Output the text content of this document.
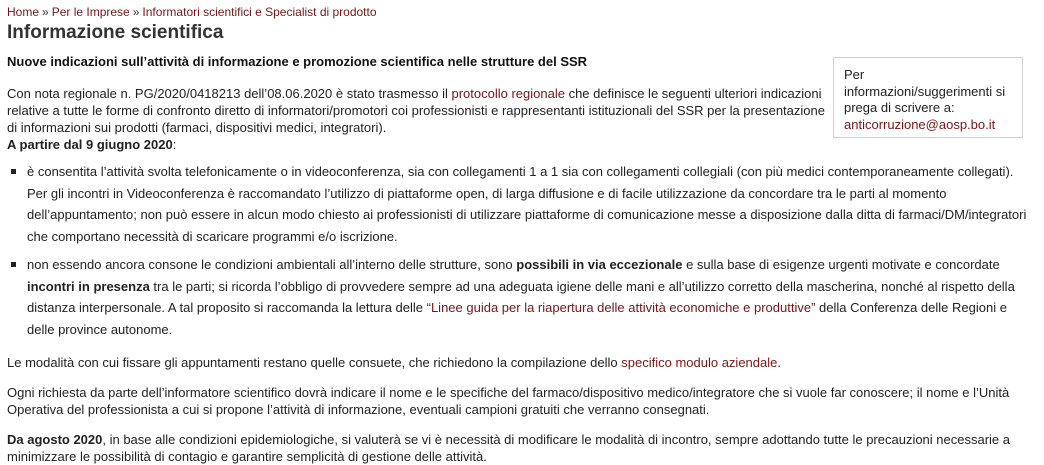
Home » Per le Imprese » Informatori scientifici e Specialist di prodotto
Informazione scientifica
Nuove indicazioni sull’attività di informazione e promozione scientifica nelle strutture del SSR
Per informazioni/suggerimenti si prega di scrivere a:
anticorruzione@aosp.bo.it

Con nota regionale n. PG/2020/0418213 dell’08.06.2020 è stato trasmesso il protocollo regionale che definisce le seguenti ulteriori indicazioni relative a tutte le forme di confronto diretto di informatori/promotori coi professionisti e rappresentanti istituzionali del SSR per la presentazione di informazioni sui prodotti (farmaci, dispositivi medici, integratori).
A partire dal 9 giugno 2020:

è consentita l’attività svolta telefonicamente o in videoconferenza, sia con collegamenti 1 a 1 sia con collegamenti collegiali (con più medici contemporaneamente collegati). Per gli incontri in Videoconferenza è raccomandato l’utilizzo di piattaforme open, di larga diffusione e di facile utilizzazione da concordare tra le parti al momento dell’appuntamento; non può essere in alcun modo chiesto ai professionisti di utilizzare piattaforme di comunicazione messe a disposizione dalla ditta di farmaci/DM/integratori che comportano necessità di scaricare programmi e/o iscrizione.
non essendo ancora consone le condizioni ambientali all’interno delle strutture, sono possibili in via eccezionale e sulla base di esigenze urgenti motivate e concordate incontri in presenza tra le parti; si ricorda l’obbligo di provvedere sempre ad una adeguata igiene delle mani e all’utilizzo corretto della mascherina, nonché al rispetto della distanza interpersonale. A tal proposito si raccomanda la lettura delle “Linee guida per la riapertura delle attività economiche e produttive” della Conferenza delle Regioni e delle province autonome.

Le modalità con cui fissare gli appuntamenti restano quelle consuete, che richiedono la compilazione dello specifico modulo aziendale.

Ogni richiesta da parte dell’informatore scientifico dovrà indicare il nome e le specifiche del farmaco/dispositivo medico/integratore che si vuole far conoscere; il nome e l’Unità Operativa del professionista a cui si propone l’attività di informazione, eventuali campioni gratuiti che verranno consegnati.

Da agosto 2020, in base alle condizioni epidemiologiche, si valuterà se vi è necessità di modificare le modalità di incontro, sempre adottando tutte le precauzioni necessarie a minimizzare le possibilità di contagio e garantire semplicità di gestione delle attività.
